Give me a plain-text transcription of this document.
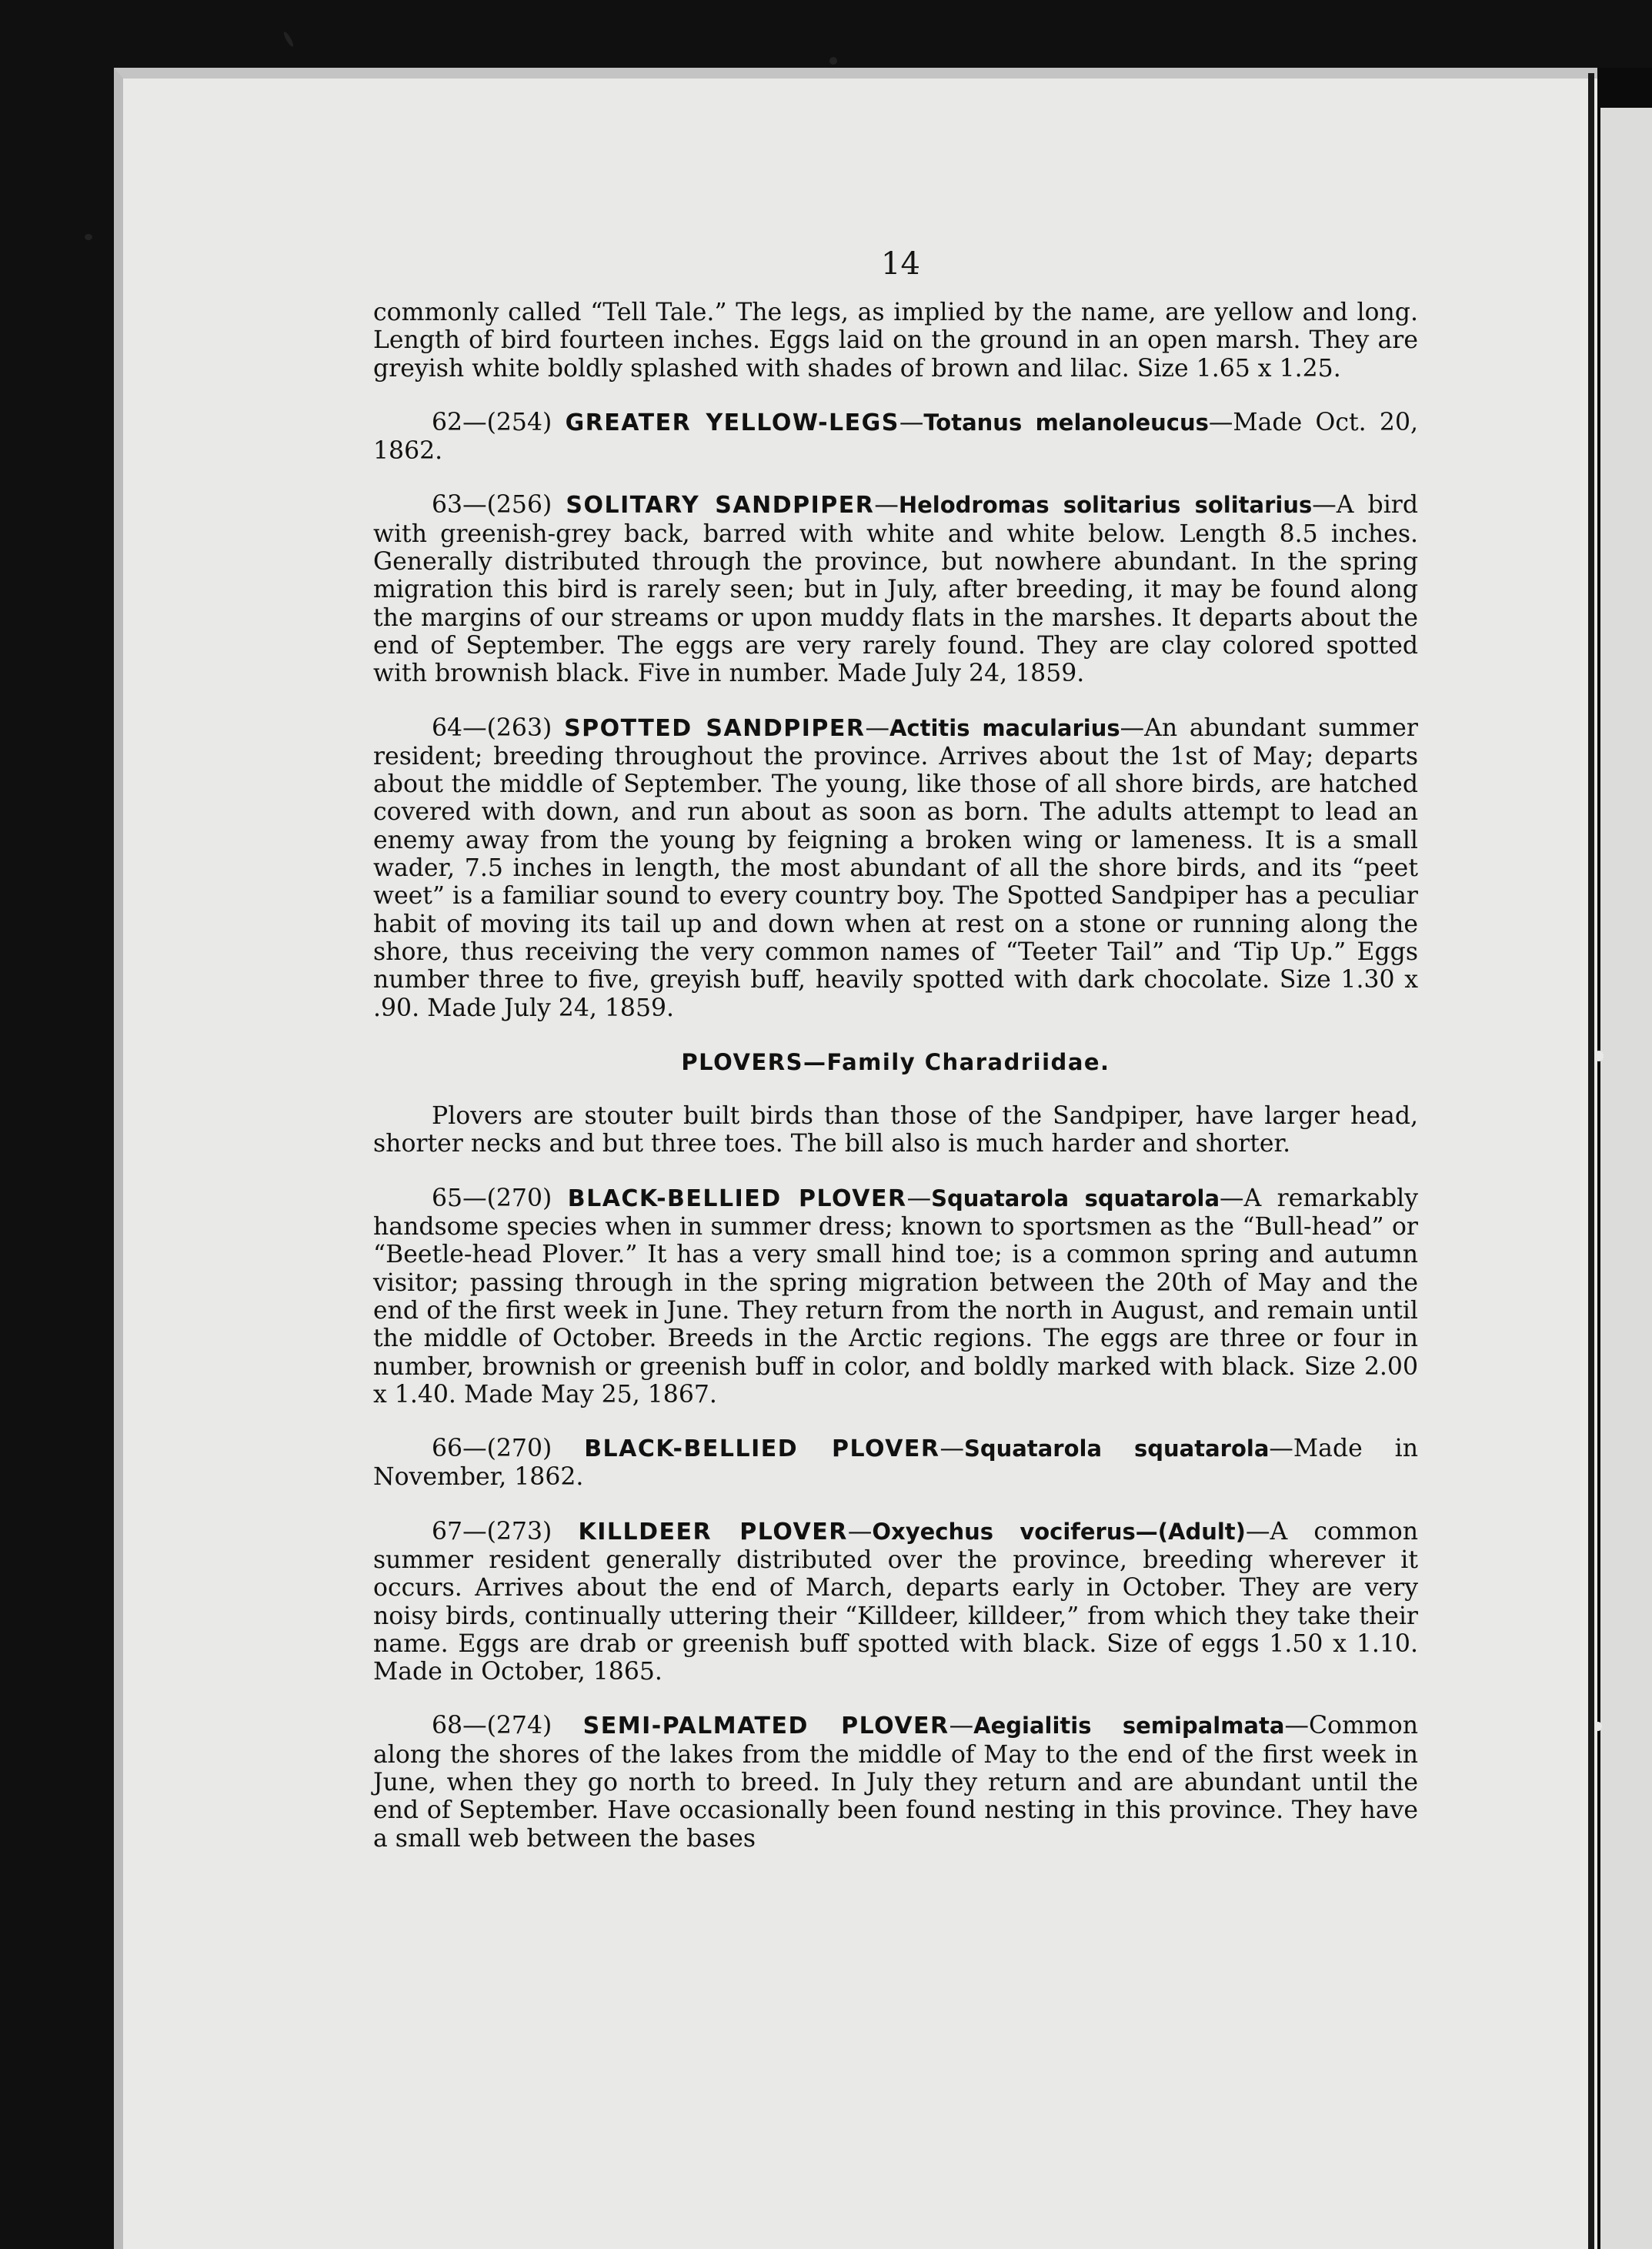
14

commonly called “Tell Tale.” The legs, as implied by the name, are yellow and long. Length of bird fourteen inches. Eggs laid on the ground in an open marsh. They are greyish white boldly splashed with shades of brown and lilac. Size 1.65 x 1.25.

62—(254) GREATER YELLOW-LEGS—Totanus melanoleucus—Made Oct. 20, 1862.

63—(256) SOLITARY SANDPIPER—Helodromas solitarius solitarius—A bird with greenish-grey back, barred with white and white below. Length 8.5 inches. Generally distributed through the province, but nowhere abundant. In the spring migration this bird is rarely seen; but in July, after breeding, it may be found along the margins of our streams or upon muddy flats in the marshes. It departs about the end of September. The eggs are very rarely found. They are clay colored spotted with brownish black. Five in number. Made July 24, 1859.

64—(263) SPOTTED SANDPIPER—Actitis macularius—An abundant summer resident; breeding throughout the province. Arrives about the 1st of May; departs about the middle of September. The young, like those of all shore birds, are hatched covered with down, and run about as soon as born. The adults attempt to lead an enemy away from the young by feigning a broken wing or lameness. It is a small wader, 7.5 inches in length, the most abundant of all the shore birds, and its “peet weet” is a familiar sound to every country boy. The Spotted Sandpiper has a peculiar habit of moving its tail up and down when at rest on a stone or running along the shore, thus receiving the very common names of “Teeter Tail” and ‘Tip Up.” Eggs number three to five, greyish buff, heavily spotted with dark chocolate. Size 1.30 x .90. Made July 24, 1859.

PLOVERS—Family Charadriidae.

Plovers are stouter built birds than those of the Sandpiper, have larger head, shorter necks and but three toes. The bill also is much harder and shorter.

65—(270) BLACK-BELLIED PLOVER—Squatarola squatarola—A remarkably handsome species when in summer dress; known to sportsmen as the “Bull-head” or “Beetle-head Plover.” It has a very small hind toe; is a common spring and autumn visitor; passing through in the spring migration between the 20th of May and the end of the first week in June. They return from the north in August, and remain until the middle of October. Breeds in the Arctic regions. The eggs are three or four in number, brownish or greenish buff in color, and boldly marked with black. Size 2.00 x 1.40. Made May 25, 1867.

66—(270) BLACK-BELLIED PLOVER—Squatarola squatarola—Made in November, 1862.

67—(273) KILLDEER PLOVER—Oxyechus vociferus—(Adult)—A common summer resident generally distributed over the province, breeding wherever it occurs. Arrives about the end of March, departs early in October. They are very noisy birds, continually uttering their “Killdeer, killdeer,” from which they take their name. Eggs are drab or greenish buff spotted with black. Size of eggs 1.50 x 1.10. Made in October, 1865.

68—(274) SEMI-PALMATED PLOVER—Aegialitis semipalmata—Common along the shores of the lakes from the middle of May to the end of the first week in June, when they go north to breed. In July they return and are abundant until the end of September. Have occasionally been found nesting in this province. They have a small web between the bases
